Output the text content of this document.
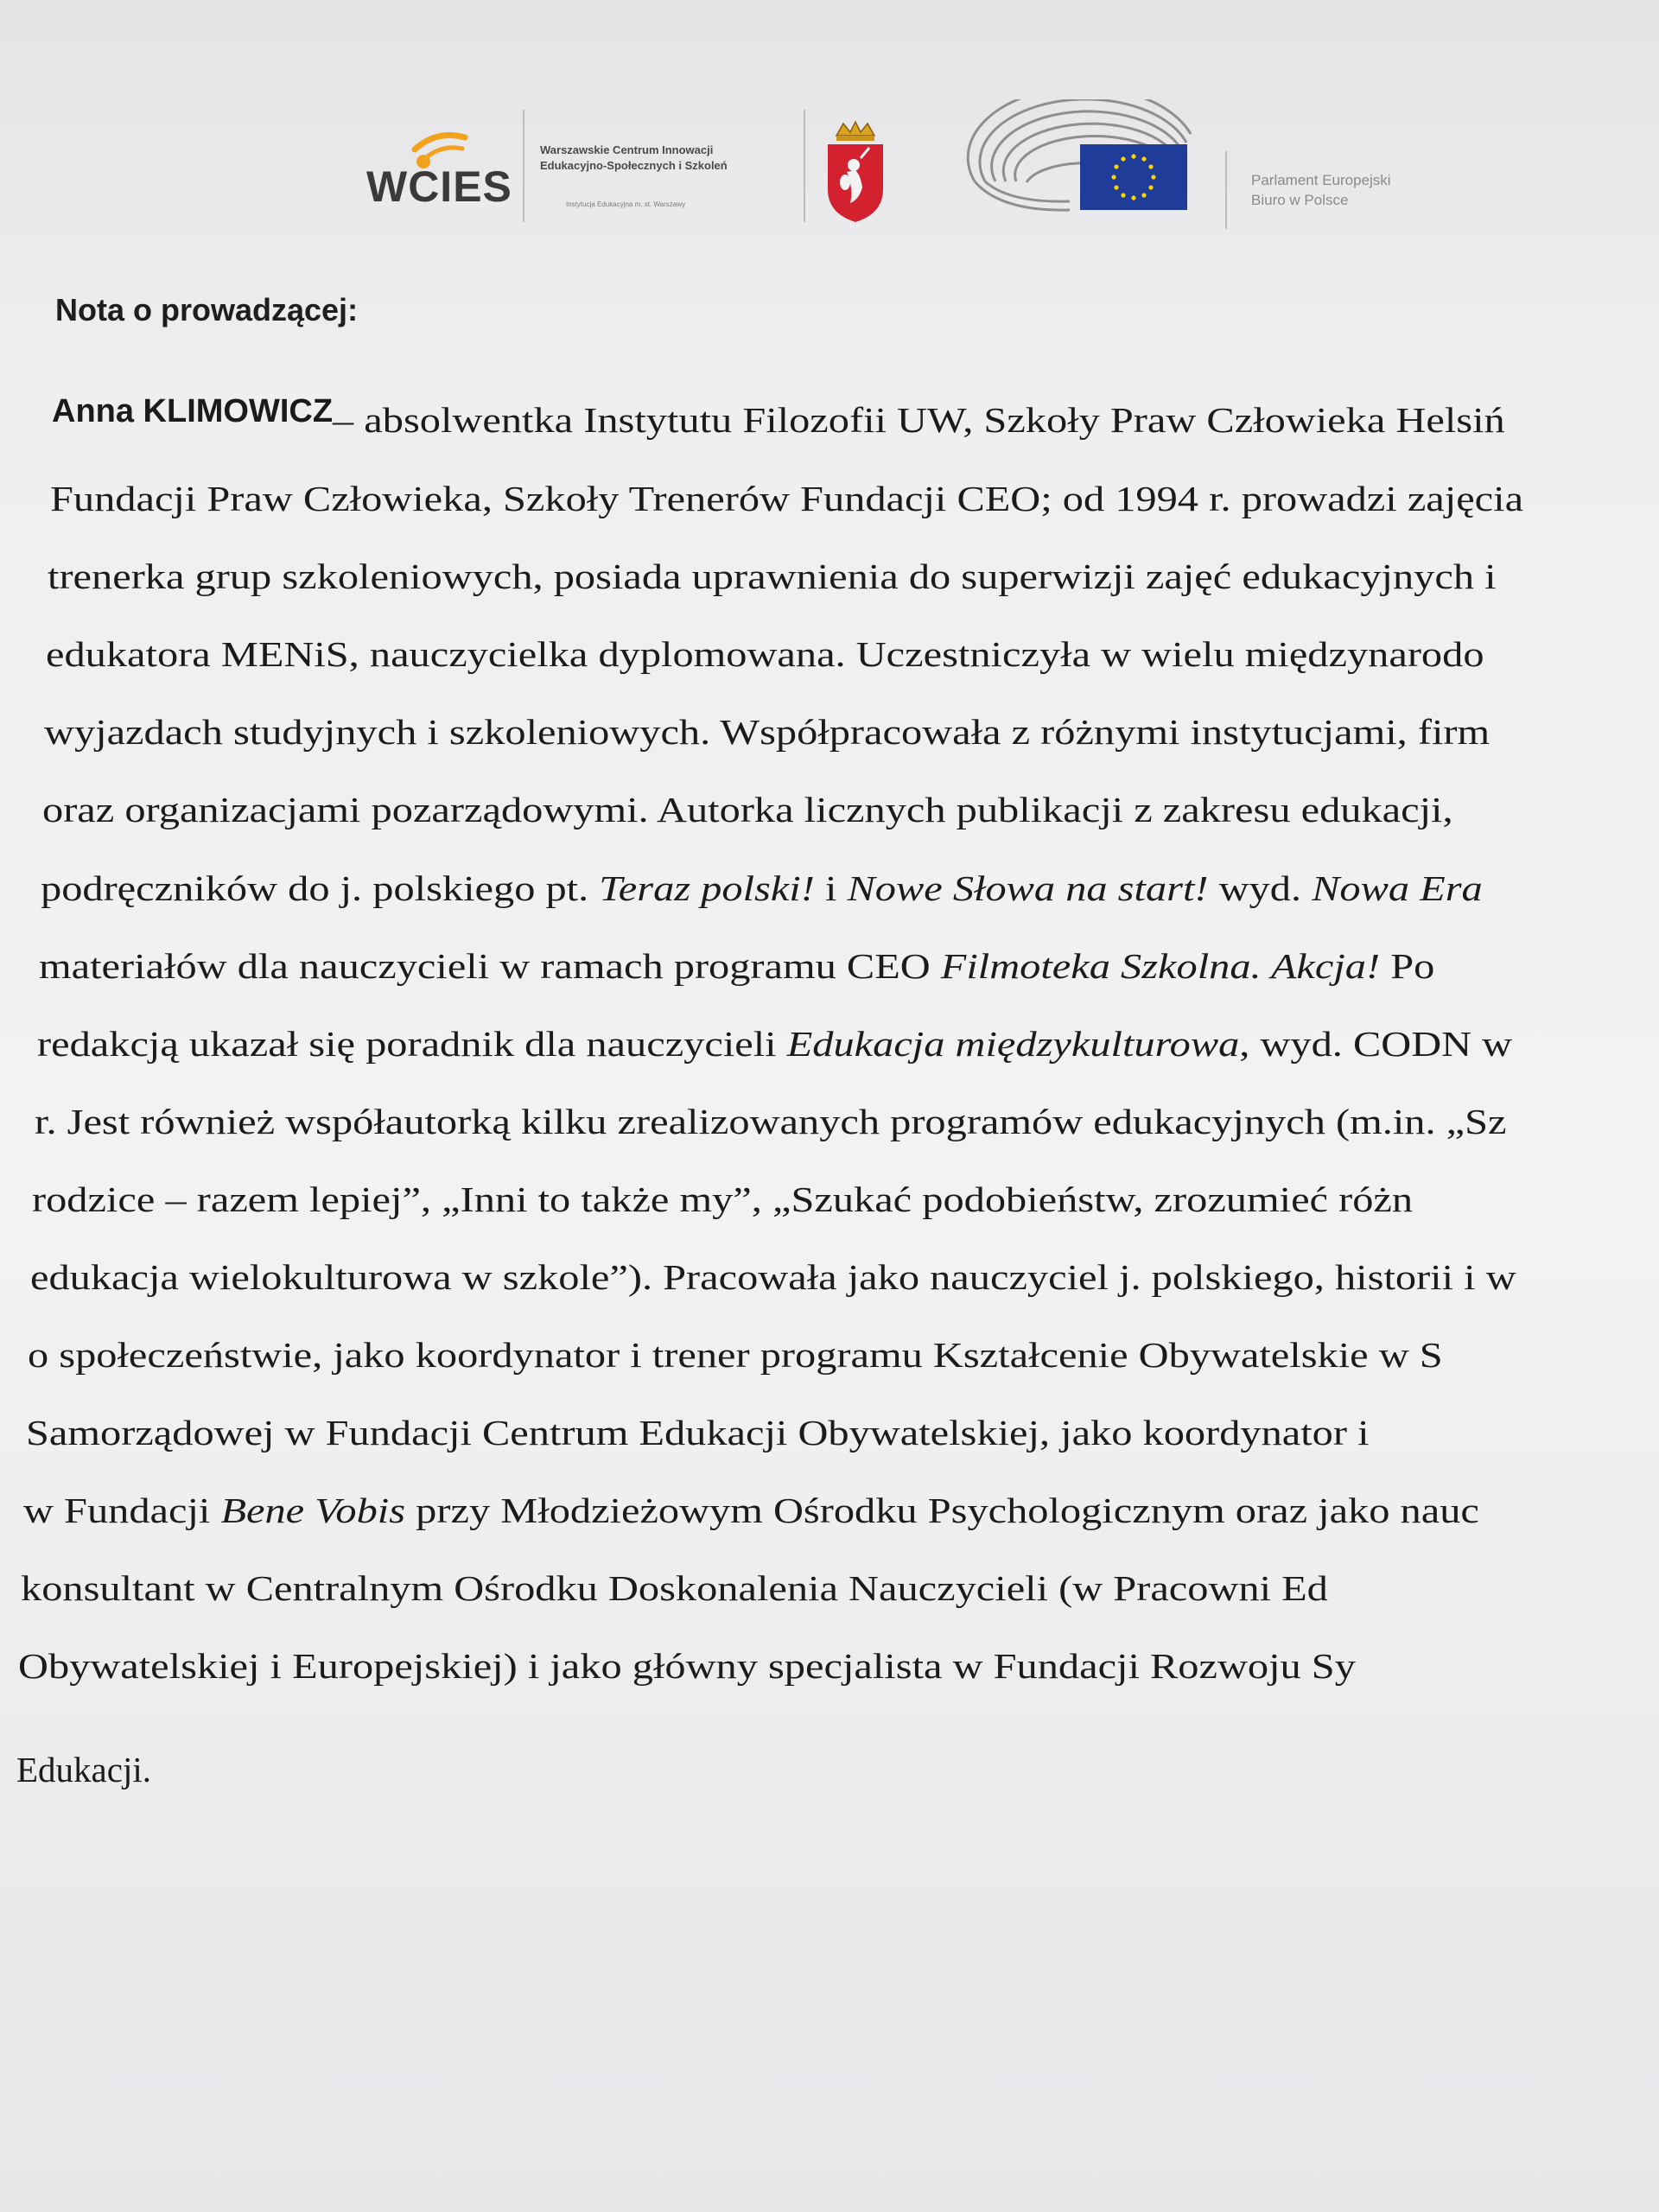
WCIES
Warszawskie Centrum Innowacji
Edukacyjno-Społecznych i Szkoleń
Instytucja Edukacyjna m. st. Warszawy
Parlament Europejski
Biuro w Polsce
Nota o prowadzącej:
– absolwentka Instytutu Filozofii UW, Szkoły Praw Człowieka Helsiń
Fundacji Praw Człowieka, Szkoły Trenerów Fundacji CEO; od 1994 r. prowadzi zajęcia
trenerka grup szkoleniowych, posiada uprawnienia do superwizji zajęć edukacyjnych i
edukatora MENiS, nauczycielka dyplomowana. Uczestniczyła w wielu międzynarodo
wyjazdach studyjnych i szkoleniowych. Współpracowała z różnymi instytucjami, firm
oraz organizacjami pozarządowymi. Autorka licznych publikacji z zakresu edukacji,
podręczników do j. polskiego pt. Teraz polski! i Nowe Słowa na start! wyd. Nowa Era
materiałów dla nauczycieli w ramach programu CEO Filmoteka Szkolna. Akcja! Po
redakcją ukazał się poradnik dla nauczycieli Edukacja międzykulturowa, wyd. CODN w
r. Jest również współautorką kilku zrealizowanych programów edukacyjnych (m.in. „Sz
rodzice – razem lepiej”, „Inni to także my”, „Szukać podobieństw, zrozumieć różn
edukacja wielokulturowa w szkole”). Pracowała jako nauczyciel j. polskiego, historii i w
o społeczeństwie, jako koordynator i trener programu Kształcenie Obywatelskie w S
Samorządowej w Fundacji Centrum Edukacji Obywatelskiej, jako koordynator i
w Fundacji Bene Vobis przy Młodzieżowym Ośrodku Psychologicznym oraz jako nauc
konsultant w Centralnym Ośrodku Doskonalenia Nauczycieli (w Pracowni Ed
Obywatelskiej i Europejskiej) i jako główny specjalista w Fundacji Rozwoju Sy
Edukacji.
Anna KLIMOWICZ
